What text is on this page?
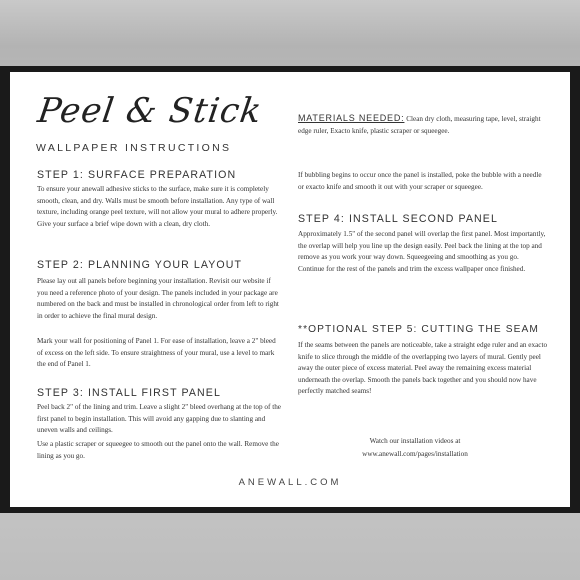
Peel & Stick
WALLPAPER INSTRUCTIONS
STEP 1: SURFACE PREPARATION
To ensure your anewall adhesive sticks to the surface, make sure it is completely smooth, clean, and dry. Walls must be smooth before installation. Any type of wall texture, including orange peel texture, will not allow your mural to adhere properly. Give your surface a brief wipe down with a clean, dry cloth.
STEP 2: PLANNING YOUR LAYOUT
Please lay out all panels before beginning your installation. Revisit our website if you need a reference photo of your design. The panels included in your package are numbered on the back and must be installed in chronological order from left to right in order to achieve the final mural design.
Mark your wall for positioning of Panel 1. For ease of installation, leave a 2" bleed of excess on the left side. To ensure straightness of your mural, use a level to mark the end of Panel 1.
STEP 3: INSTALL FIRST PANEL
Peel back 2" of the lining and trim. Leave a slight 2" bleed overhang at the top of the first panel to begin installation. This will avoid any gapping due to slanting and uneven walls and ceilings.
Use a plastic scraper or squeegee to smooth out the panel onto the wall. Remove the lining as you go.
MATERIALS NEEDED: Clean dry cloth, measuring tape, level, straight edge ruler, Exacto knife, plastic scraper or squeegee.
If bubbling begins to occur once the panel is installed, poke the bubble with a needle or exacto knife and smooth it out with your scraper or squeegee.
STEP 4: INSTALL SECOND PANEL
Approximately 1.5" of the second panel will overlap the first panel. Most importantly, the overlap will help you line up the design easily. Peel back the lining at the top and remove as you work your way down. Squeegeeing and smoothing as you go. Continue for the rest of the panels and trim the excess wallpaper once finished.
**OPTIONAL STEP 5: CUTTING THE SEAM
If the seams between the panels are noticeable, take a straight edge ruler and an exacto knife to slice through the middle of the overlapping two layers of mural. Gently peel away the outer piece of excess material. Peel away the remaining excess material underneath the overlap. Smooth the panels back together and you should now have perfectly matched seams!
Watch our installation videos at
www.anewall.com/pages/installation
ANEWALL.COM
